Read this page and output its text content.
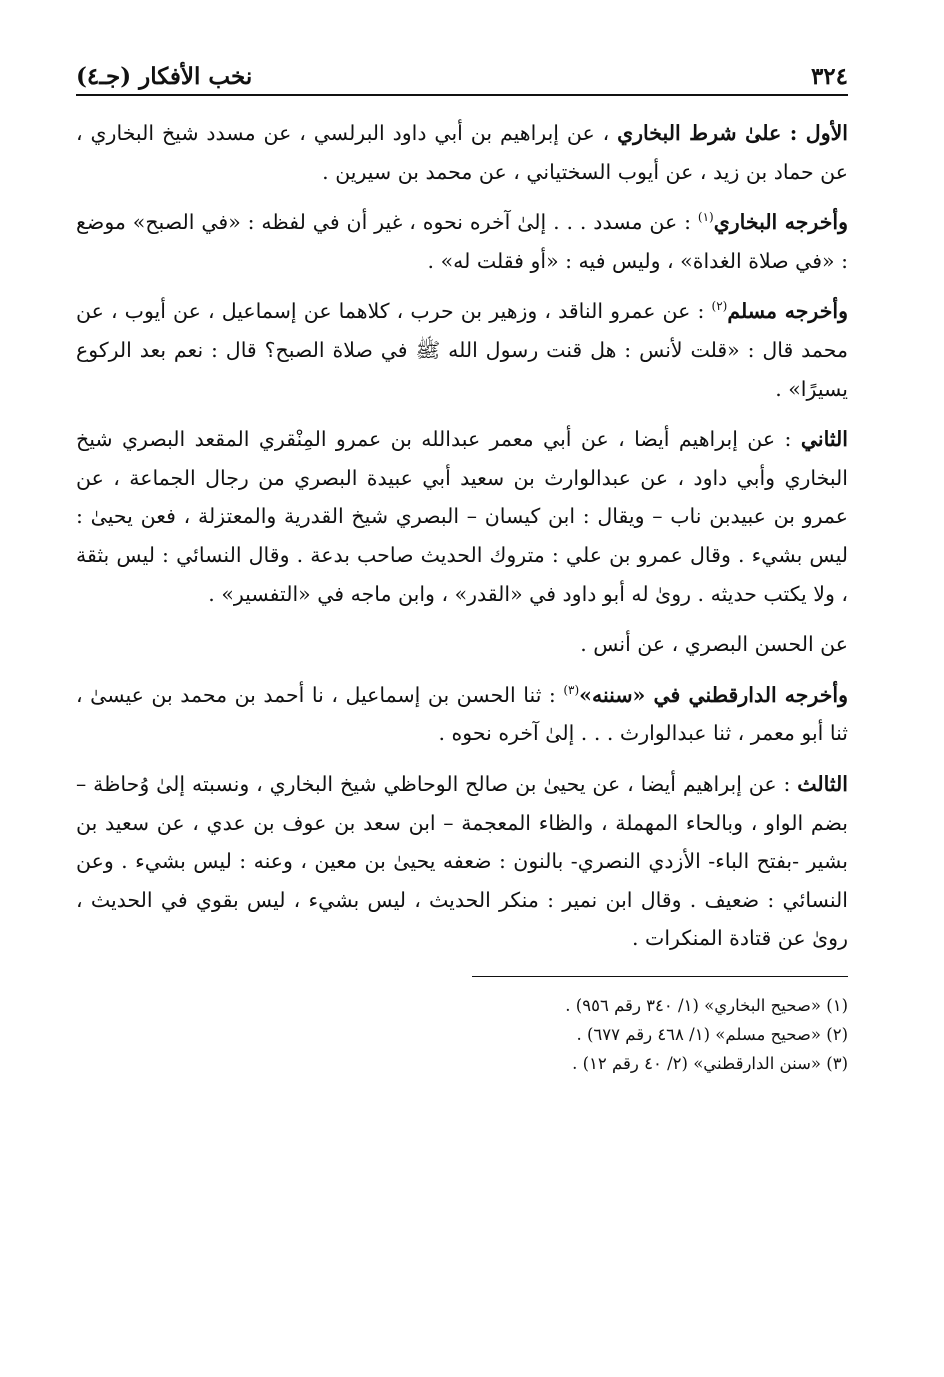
٣٢٤
نخب الأفكار (جـ٤)

الأول : علىٰ شرط البخاري ، عن إبراهيم بن أبي داود البرلسي ، عن مسدد شيخ البخاري ، عن حماد بن زيد ، عن أيوب السختياني ، عن محمد بن سيرين .

وأخرجه البخاري$^{(١)}$ : عن مسدد . . . إلىٰ آخره نحوه ، غير أن في لفظه : «في الصبح» موضع : «في صلاة الغداة» ، وليس فيه : «أو فقلت له» .

وأخرجه مسلم$^{(٢)}$ : عن عمرو الناقد ، وزهير بن حرب ، كلاهما عن إسماعيل ، عن أيوب ، عن محمد قال : «قلت لأنس : هل قنت رسول الله ﷺ في صلاة الصبح؟ قال : نعم بعد الركوع يسيرًا» .

الثاني : عن إبراهيم أيضا ، عن أبي معمر عبدالله بن عمرو المِنْقري المقعد البصري شيخ البخاري وأبي داود ، عن عبدالوارث بن سعيد أبي عبيدة البصري من رجال الجماعة ، عن عمرو بن عبيدبن ناب – ويقال : ابن كيسان – البصري شيخ القدرية والمعتزلة ، فعن يحيىٰ : ليس بشيء . وقال عمرو بن علي : متروك الحديث صاحب بدعة . وقال النسائي : ليس بثقة ، ولا يكتب حديثه . روىٰ له أبو داود في «القدر» ، وابن ماجه في «التفسير» .

عن الحسن البصري ، عن أنس .

وأخرجه الدارقطني في «سننه»$^{(٣)}$ : ثنا الحسن بن إسماعيل ، نا أحمد بن محمد بن عيسىٰ ، ثنا أبو معمر ، ثنا عبدالوارث . . . إلىٰ آخره نحوه .

الثالث : عن إبراهيم أيضا ، عن يحيىٰ بن صالح الوحاظي شيخ البخاري ، ونسبته إلىٰ وُحاظة – بضم الواو ، وبالحاء المهملة ، والظاء المعجمة – ابن سعد بن عوف بن عدي ، عن سعيد بن بشير -بفتح الباء- الأزدي النصري- بالنون : ضعفه يحيىٰ بن معين ، وعنه : ليس بشيء . وعن النسائي : ضعيف . وقال ابن نمير : منكر الحديث ، ليس بشيء ، ليس بقوي في الحديث ، روىٰ عن قتادة المنكرات .

(١) «صحيح البخاري» (١/ ٣٤٠ رقم ٩٥٦) .

(٢) «صحيح مسلم» (١/ ٤٦٨ رقم ٦٧٧) .

(٣) «سنن الدارقطني» (٢/ ٤٠ رقم ١٢) .
